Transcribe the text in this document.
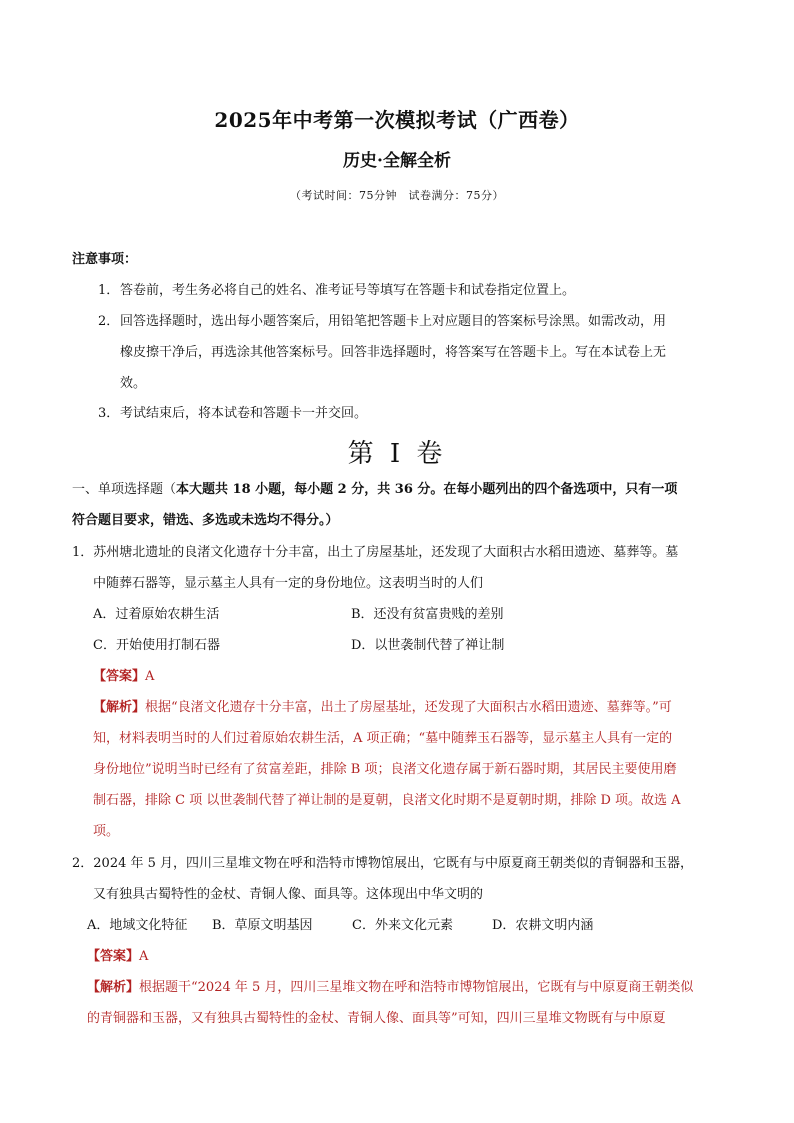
2025年中考第一次模拟考试（广西卷）
历史·全解全析
（考试时间：75分钟　试卷满分：75分）
注意事项：
1．答卷前，考生务必将自己的姓名、准考证号等填写在答题卡和试卷指定位置上。
2．回答选择题时，选出每小题答案后，用铅笔把答题卡上对应题目的答案标号涂黑。如需改动，用
橡皮擦干净后，再选涂其他答案标号。回答非选择题时，将答案写在答题卡上。写在本试卷上无
效。
3．考试结束后，将本试卷和答题卡一并交回。
第 I 卷
一、单项选择题（本大题共 18 小题，每小题 2 分，共 36 分。在每小题列出的四个备选项中，只有一项
符合题目要求，错选、多选或未选均不得分。）
1．苏州塘北遗址的良渚文化遗存十分丰富，出土了房屋基址，还发现了大面积古水稻田遗迹、墓葬等。墓
中随葬石器等，显示墓主人具有一定的身份地位。这表明当时的人们
A．过着原始农耕生活	B．还没有贫富贵贱的差别
C．开始使用打制石器	D．以世袭制代替了禅让制
【答案】A
【解析】根据“良渚文化遗存十分丰富，出土了房屋基址，还发现了大面积古水稻田遗迹、墓葬等。”可
知，材料表明当时的人们过着原始农耕生活，A 项正确；“墓中随葬玉石器等，显示墓主人具有一定的
身份地位”说明当时已经有了贫富差距，排除 B 项；良渚文化遗存属于新石器时期，其居民主要使用磨
制石器，排除 C 项 以世袭制代替了禅让制的是夏朝，良渚文化时期不是夏朝时期，排除 D 项。故选 A
项。
2．2024 年 5 月，四川三星堆文物在呼和浩特市博物馆展出，它既有与中原夏商王朝类似的青铜器和玉器，
又有独具古蜀特性的金杖、青铜人像、面具等。这体现出中华文明的
A．地域文化特征 B．草原文明基因	C．外来文化元素	D．农耕文明内涵
【答案】A
【解析】根据题干“2024 年 5 月，四川三星堆文物在呼和浩特市博物馆展出，它既有与中原夏商王朝类似
的青铜器和玉器，又有独具古蜀特性的金杖、青铜人像、面具等”可知，四川三星堆文物既有与中原夏
